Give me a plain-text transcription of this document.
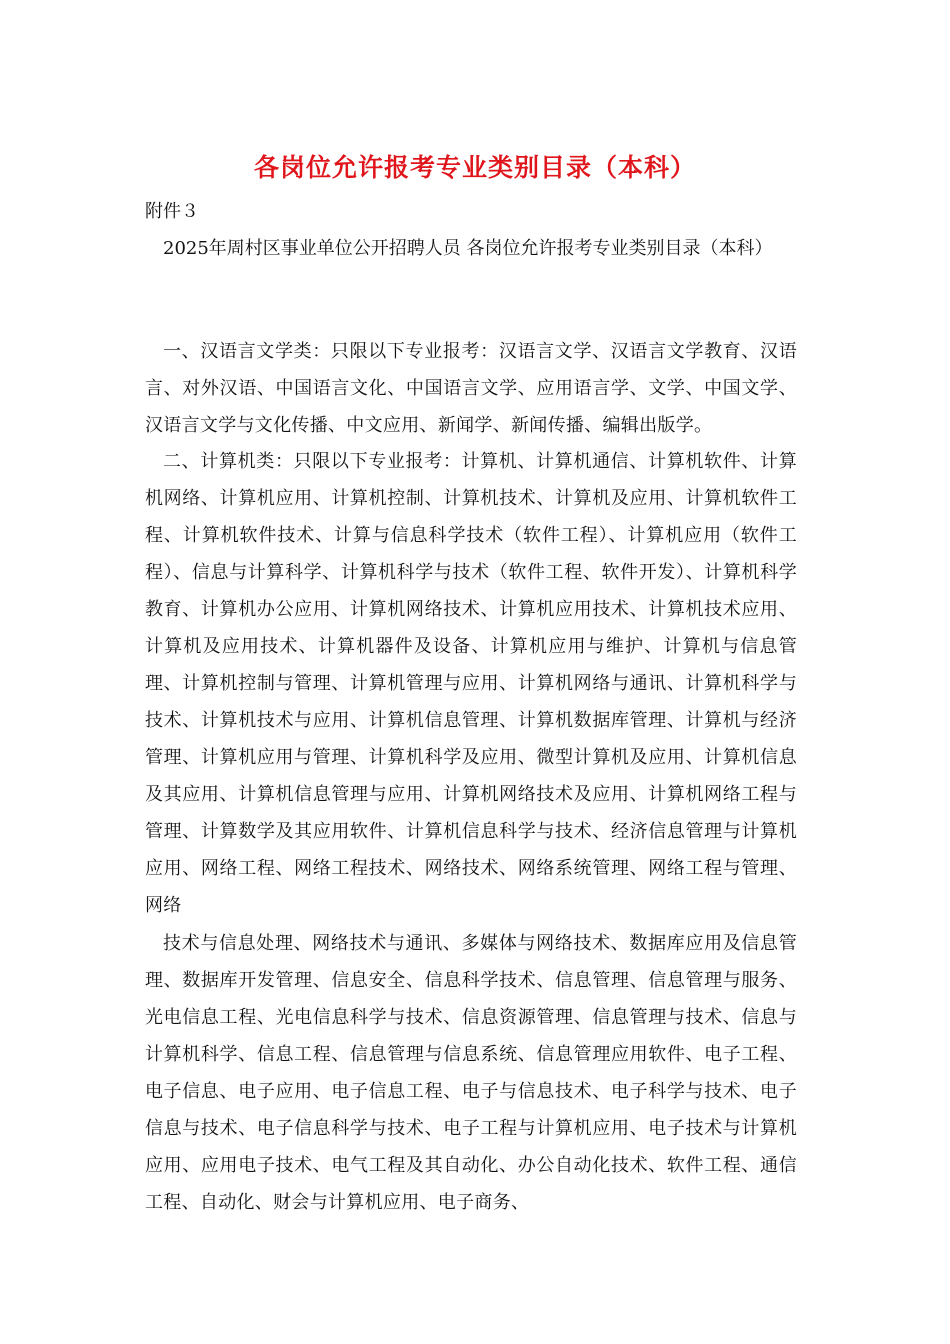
各岗位允许报考专业类别目录（本科）
附件３
2025年周村区事业单位公开招聘人员 各岗位允许报考专业类别目录（本科）
一、汉语言文学类：只限以下专业报考：汉语言文学、汉语言文学教育、汉语言、对外汉语、中国语言文化、中国语言文学、应用语言学、文学、中国文学、汉语言文学与文化传播、中文应用、新闻学、新闻传播、编辑出版学。
二、计算机类：只限以下专业报考：计算机、计算机通信、计算机软件、计算机网络、计算机应用、计算机控制、计算机技术、计算机及应用、计算机软件工程、计算机软件技术、计算与信息科学技术（软件工程）、计算机应用（软件工程）、信息与计算科学、计算机科学与技术（软件工程、软件开发）、计算机科学教育、计算机办公应用、计算机网络技术、计算机应用技术、计算机技术应用、计算机及应用技术、计算机器件及设备、计算机应用与维护、计算机与信息管理、计算机控制与管理、计算机管理与应用、计算机网络与通讯、计算机科学与技术、计算机技术与应用、计算机信息管理、计算机数据库管理、计算机与经济管理、计算机应用与管理、计算机科学及应用、微型计算机及应用、计算机信息及其应用、计算机信息管理与应用、计算机网络技术及应用、计算机网络工程与管理、计算数学及其应用软件、计算机信息科学与技术、经济信息管理与计算机应用、网络工程、网络工程技术、网络技术、网络系统管理、网络工程与管理、网络
技术与信息处理、网络技术与通讯、多媒体与网络技术、数据库应用及信息管理、数据库开发管理、信息安全、信息科学技术、信息管理、信息管理与服务、光电信息工程、光电信息科学与技术、信息资源管理、信息管理与技术、信息与计算机科学、信息工程、信息管理与信息系统、信息管理应用软件、电子工程、电子信息、电子应用、电子信息工程、电子与信息技术、电子科学与技术、电子信息与技术、电子信息科学与技术、电子工程与计算机应用、电子技术与计算机应用、应用电子技术、电气工程及其自动化、办公自动化技术、软件工程、通信工程、自动化、财会与计算机应用、电子商务、
